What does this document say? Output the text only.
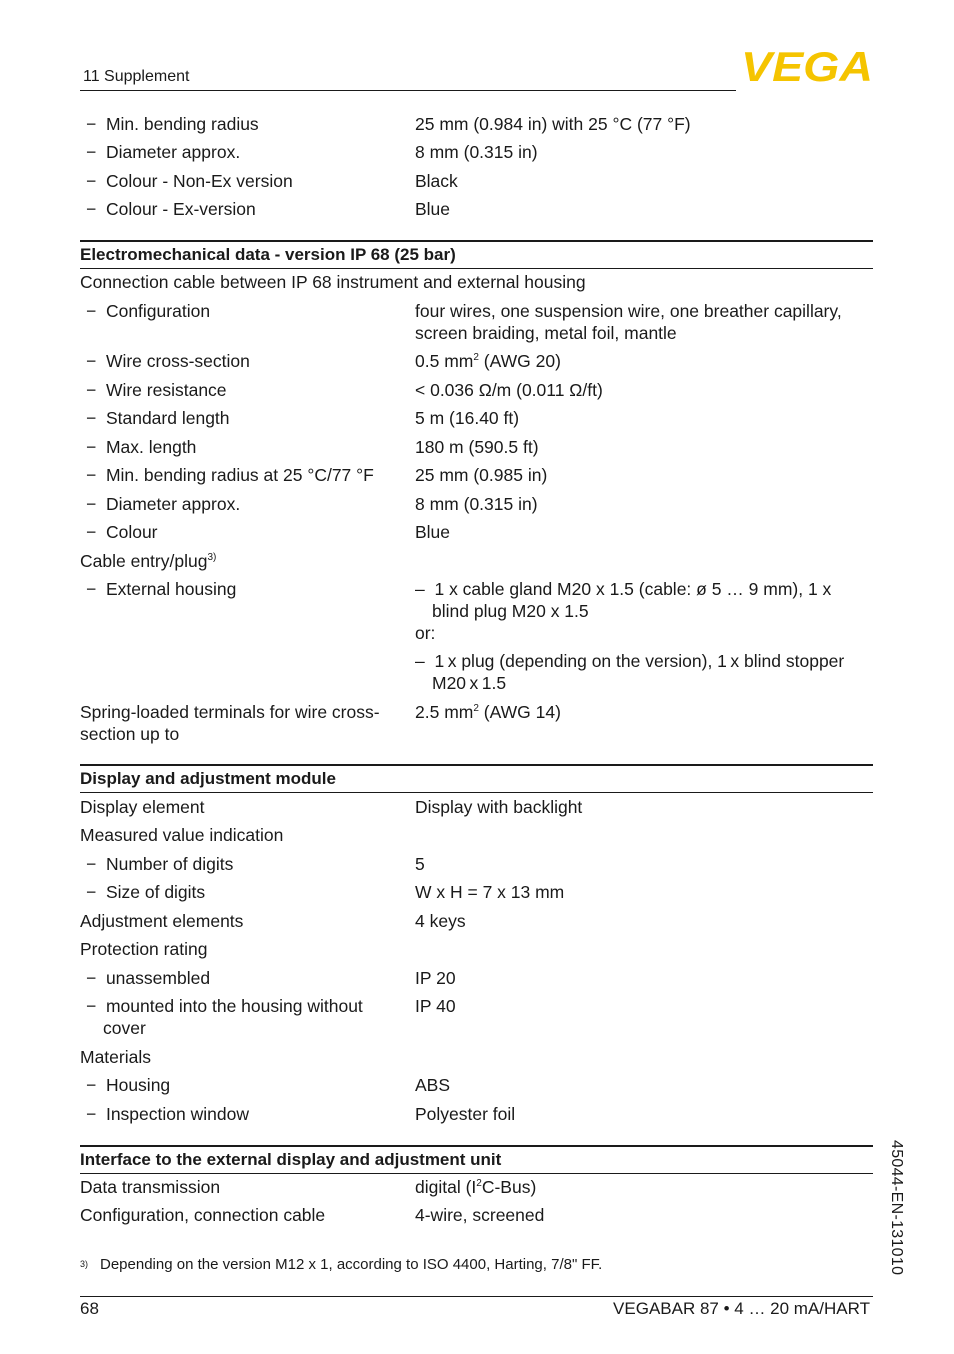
11 Supplement	VEGA
−  Min. bending radius	25 mm (0.984 in) with 25 °C (77 °F)
−  Diameter approx.	8 mm (0.315 in)
−  Colour - Non-Ex version	Black
−  Colour - Ex-version	Blue
Electromechanical data - version IP 68 (25 bar)
Connection cable between IP 68 instrument and external housing
−  Configuration	four wires, one suspension wire, one breather capillary, screen braiding, metal foil, mantle
−  Wire cross-section	0.5 $mm^2$ (AWG 20)
−  Wire resistance	< 0.036 Ω/m (0.011 Ω/ft)
−  Standard length	5 m (16.40 ft)
−  Max. length	180 m (590.5 ft)
−  Min. bending radius at 25 °C/77 °F	25 mm (0.985 in)
−  Diameter approx.	8 mm (0.315 in)
−  Colour	Blue
Cable entry/plug$^{3)}$
−  External housing
–	1 x cable gland M20 x 1.5 (cable: ø 5 … 9 mm), 1 x blind plug M20 x 1.5
or:
–  1 x plug (depending on the version), 1 x blind stopper M20 x 1.5
Spring-loaded terminals for wire cross-section up to
2.5 $mm^2$ (AWG 14)
Display and adjustment module
Display element	Display with backlight
Measured value indication
−  Number of digits	5
−  Size of digits	W x H = 7 x 13 mm
Adjustment elements	4 keys
Protection rating
−  unassembled	IP 20
−  mounted into the housing without cover
IP 40
Materials
−  Housing	ABS
−  Inspection window	Polyester foil
Interface to the external display and adjustment unit
Data transmission	digital $(I^2C-Bus)$
Configuration, connection cable	4-wire, screened
3) Depending on the version M12 x 1, according to ISO 4400, Harting, 7/8" FF.	45044-EN-131010
68	VEGABAR 87 • 4 … 20 mA/HART
